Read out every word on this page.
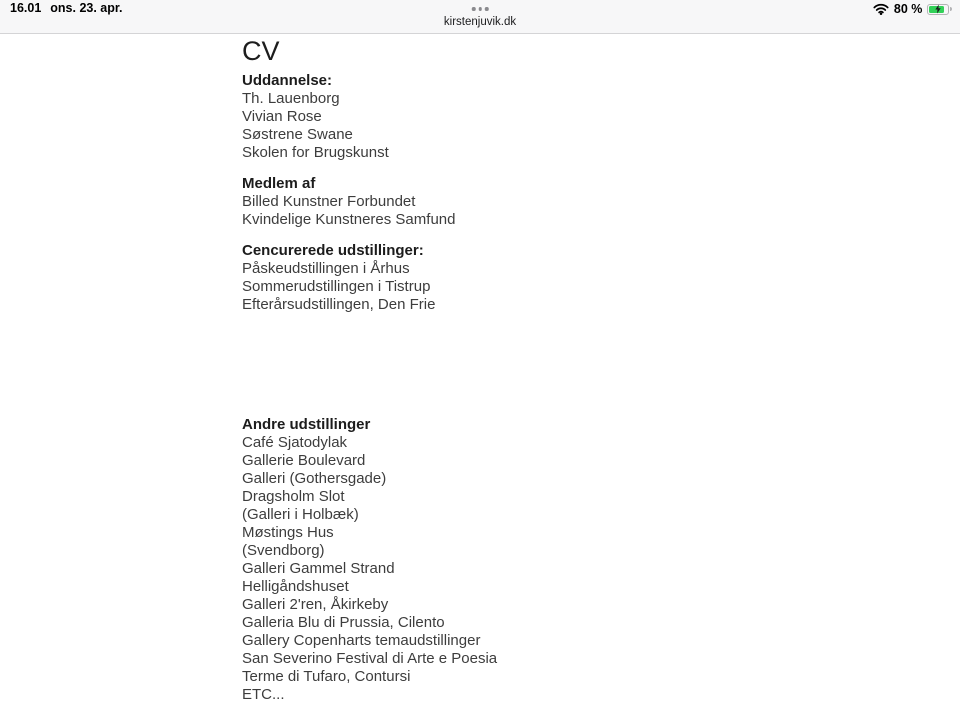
16.01 ons. 23. apr.
kirstenjuvik.dk
80 %
CV
Uddannelse:
Th. Lauenborg
Vivian Rose
Søstrene Swane
Skolen for Brugskunst
Medlem af
Billed Kunstner Forbundet
Kvindelige Kunstneres Samfund
Cencurerede udstillinger:
Påskeudstillingen i Århus
Sommerudstillingen i Tistrup
Efterårsudstillingen, Den Frie
Andre udstillinger
Café Sjatodylak
Gallerie Boulevard
Galleri (Gothersgade)
Dragsholm Slot
(Galleri i Holbæk)
Møstings Hus
(Svendborg)
Galleri Gammel Strand
Helligåndshuset
Galleri 2'ren, Åkirkeby
Galleria Blu di Prussia, Cilento
Gallery Copenharts temaudstillinger
San Severino Festival di Arte e Poesia
Terme di Tufaro, Contursi
ETC...
